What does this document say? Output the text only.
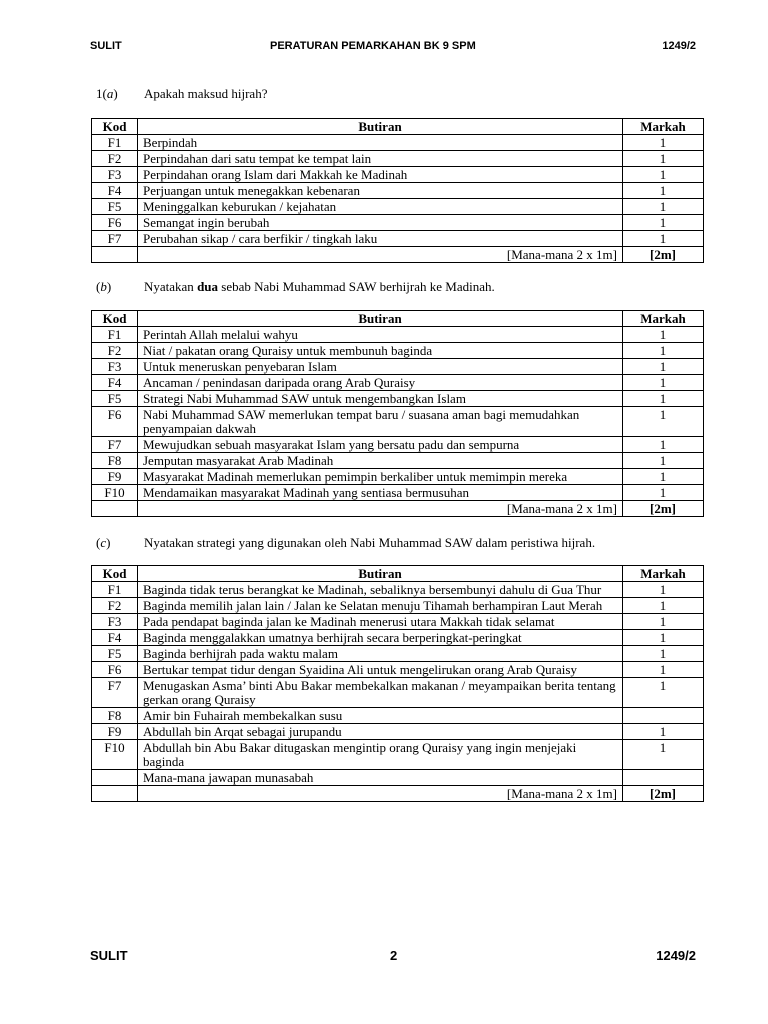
SULIT	PERATURAN PEMARKAHAN BK 9 SPM	1249/2
1(a) Apakah maksud hijrah?
Kod	Butiran	Markah
F1	Berpindah	1
F2	Perpindahan dari satu tempat ke tempat lain	1
F3	Perpindahan orang Islam dari Makkah ke Madinah	1
F4	Perjuangan untuk menegakkan kebenaran	1
F5	Meninggalkan keburukan / kejahatan	1
F6	Semangat ingin berubah	1
F7	Perubahan sikap / cara berfikir / tingkah laku	1
	[Mana-mana 2 x 1m]	[2m]
(b)	Nyatakan dua sebab Nabi Muhammad SAW berhijrah ke Madinah.
Kod	Butiran	Markah
F1	Perintah Allah melalui wahyu	1
F2	Niat / pakatan orang Quraisy untuk membunuh baginda	1
F3	Untuk meneruskan penyebaran Islam	1
F4	Ancaman / penindasan daripada orang Arab Quraisy	1
F5	Strategi Nabi Muhammad SAW untuk mengembangkan Islam	1
F6	Nabi Muhammad SAW memerlukan tempat baru / suasana aman bagi memudahkan penyampaian dakwah	1
F7	Mewujudkan sebuah masyarakat Islam yang bersatu padu dan sempurna	1
F8	Jemputan masyarakat Arab Madinah	1
F9	Masyarakat Madinah memerlukan pemimpin berkaliber untuk memimpin mereka	1
F10	Mendamaikan masyarakat Madinah yang sentiasa bermusuhan	1
	[Mana-mana 2 x 1m]	[2m]
(c)	Nyatakan strategi yang digunakan oleh Nabi Muhammad SAW dalam peristiwa hijrah.
Kod	Butiran	Markah
F1	Baginda tidak terus berangkat ke Madinah, sebaliknya bersembunyi dahulu di Gua Thur	1
F2	Baginda memilih jalan lain / Jalan ke Selatan menuju Tihamah berhampiran Laut Merah	1
F3	Pada pendapat baginda jalan ke Madinah menerusi utara Makkah tidak selamat	1
F4	Baginda menggalakkan umatnya berhijrah secara berperingkat-peringkat	1
F5	Baginda berhijrah pada waktu malam	1
F6	Bertukar tempat tidur dengan Syaidina Ali untuk mengelirukan orang Arab Quraisy	1
F7	Menugaskan Asma’ binti Abu Bakar membekalkan makanan / meyampaikan berita tentang gerkan orang Quraisy	1
F8	Amir bin Fuhairah membekalkan susu	
F9	Abdullah bin Arqat sebagai jurupandu	1
F10	Abdullah bin Abu Bakar ditugaskan mengintip orang Quraisy yang ingin menjejaki baginda	1
	Mana-mana jawapan munasabah	
	[Mana-mana 2 x 1m]	[2m]
SULIT	2	1249/2
